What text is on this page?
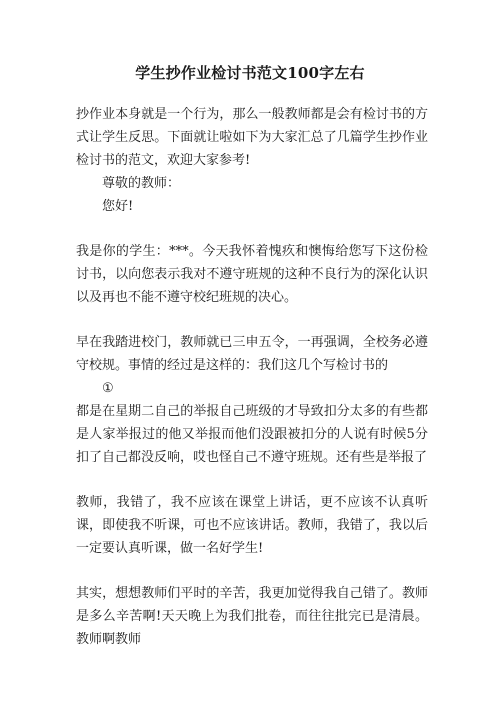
学生抄作业检讨书范文100字左右

抄作业本身就是一个行为，那么一般教师都是会有检讨书的方式让学生反思。下面就让啦如下为大家汇总了几篇学生抄作业检讨书的范文，欢迎大家参考!

尊敬的教师：

您好!

我是你的学生：***。今天我怀着愧疚和懊悔给您写下这份检讨书，以向您表示我对不遵守班规的这种不良行为的深化认识以及再也不能不遵守校纪班规的决心。

早在我踏进校门，教师就已三申五令，一再强调，全校务必遵守校规。事情的经过是这样的：我们这几个写检讨书的

①

都是在星期二自己的举报自己班级的才导致扣分太多的有些都是人家举报过的他又举报而他们没跟被扣分的人说有时候5分扣了自己都没反响，哎也怪自己不遵守班规。还有些是举报了

教师，我错了，我不应该在课堂上讲话，更不应该不认真听课，即使我不听课，可也不应该讲话。教师，我错了，我以后一定要认真听课，做一名好学生!

其实，想想教师们平时的辛苦，我更加觉得我自己错了。教师是多么辛苦啊!天天晚上为我们批卷，而往往批完已是清晨。教师啊教师
